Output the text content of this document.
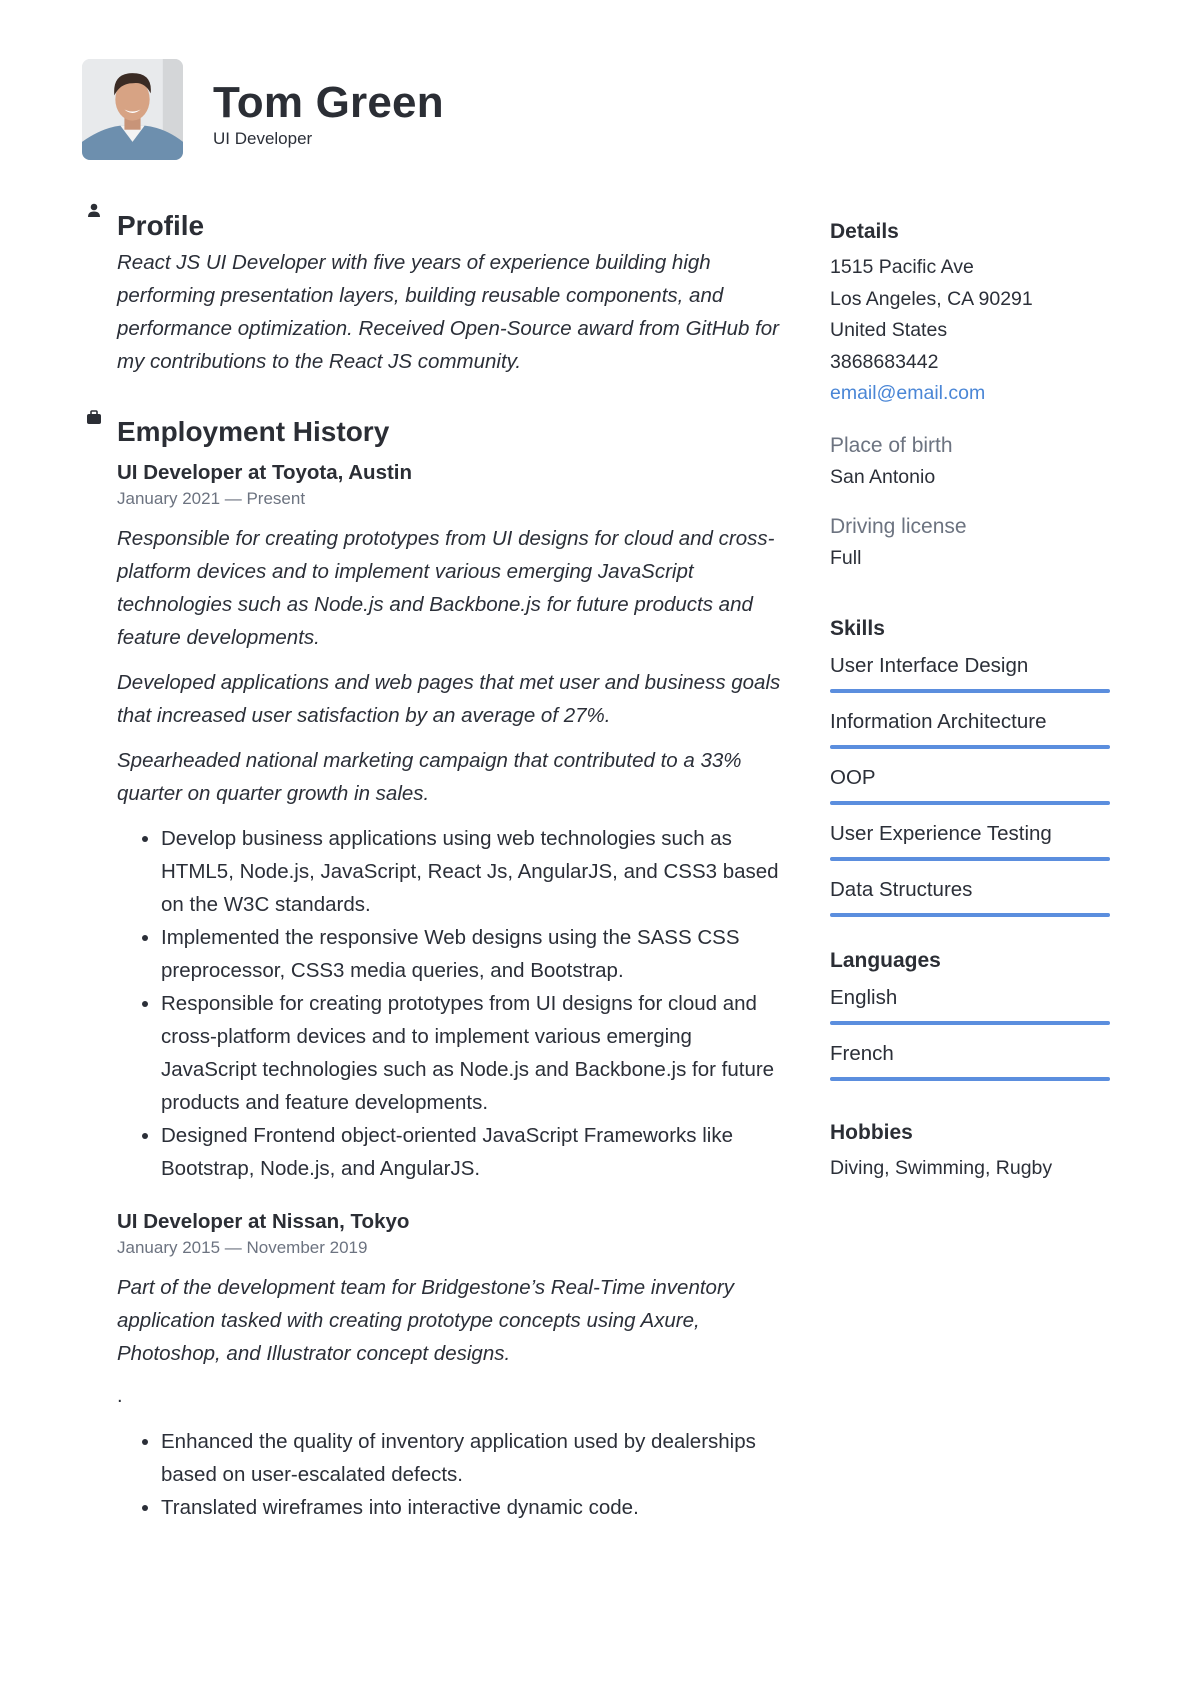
Tom Green
UI Developer
Profile

React JS UI Developer with five years of experience building high performing presentation layers, building reusable components, and performance optimization. Received Open-Source award from GitHub for my contributions to the React JS community.

Employment History
UI Developer at Toyota, Austin
January 2021 — Present

Responsible for creating prototypes from UI designs for cloud and cross-platform devices and to implement various emerging JavaScript technologies such as Node.js and Backbone.js for future products and feature developments.

Developed applications and web pages that met user and business goals that increased user satisfaction by an average of 27%.

Spearheaded national marketing campaign that contributed to a 33% quarter on quarter growth in sales.

• Develop business applications using web technologies such as HTML5, Node.js, JavaScript, React Js, AngularJS, and CSS3 based on the W3C standards.
• Implemented the responsive Web designs using the SASS CSS preprocessor, CSS3 media queries, and Bootstrap.
• Responsible for creating prototypes from UI designs for cloud and cross-platform devices and to implement various emerging JavaScript technologies such as Node.js and Backbone.js for future products and feature developments.
• Designed Frontend object-oriented JavaScript Frameworks like Bootstrap, Node.js, and AngularJS.
UI Developer at Nissan, Tokyo
January 2015 — November 2019

Part of the development team for Bridgestone’s Real-Time inventory application tasked with creating prototype concepts using Axure, Photoshop, and Illustrator concept designs.

.
• Enhanced the quality of inventory application used by dealerships based on user-escalated defects.
• Translated wireframes into interactive dynamic code.
Details
1515 Pacific Ave
Los Angeles, CA 90291
United States
3868683442
email@email.com
Place of birth
San Antonio
Driving license
Full
Skills
User Interface Design
Information Architecture
OOP
User Experience Testing
Data Structures
Languages
English
French
Hobbies
Diving, Swimming, Rugby
